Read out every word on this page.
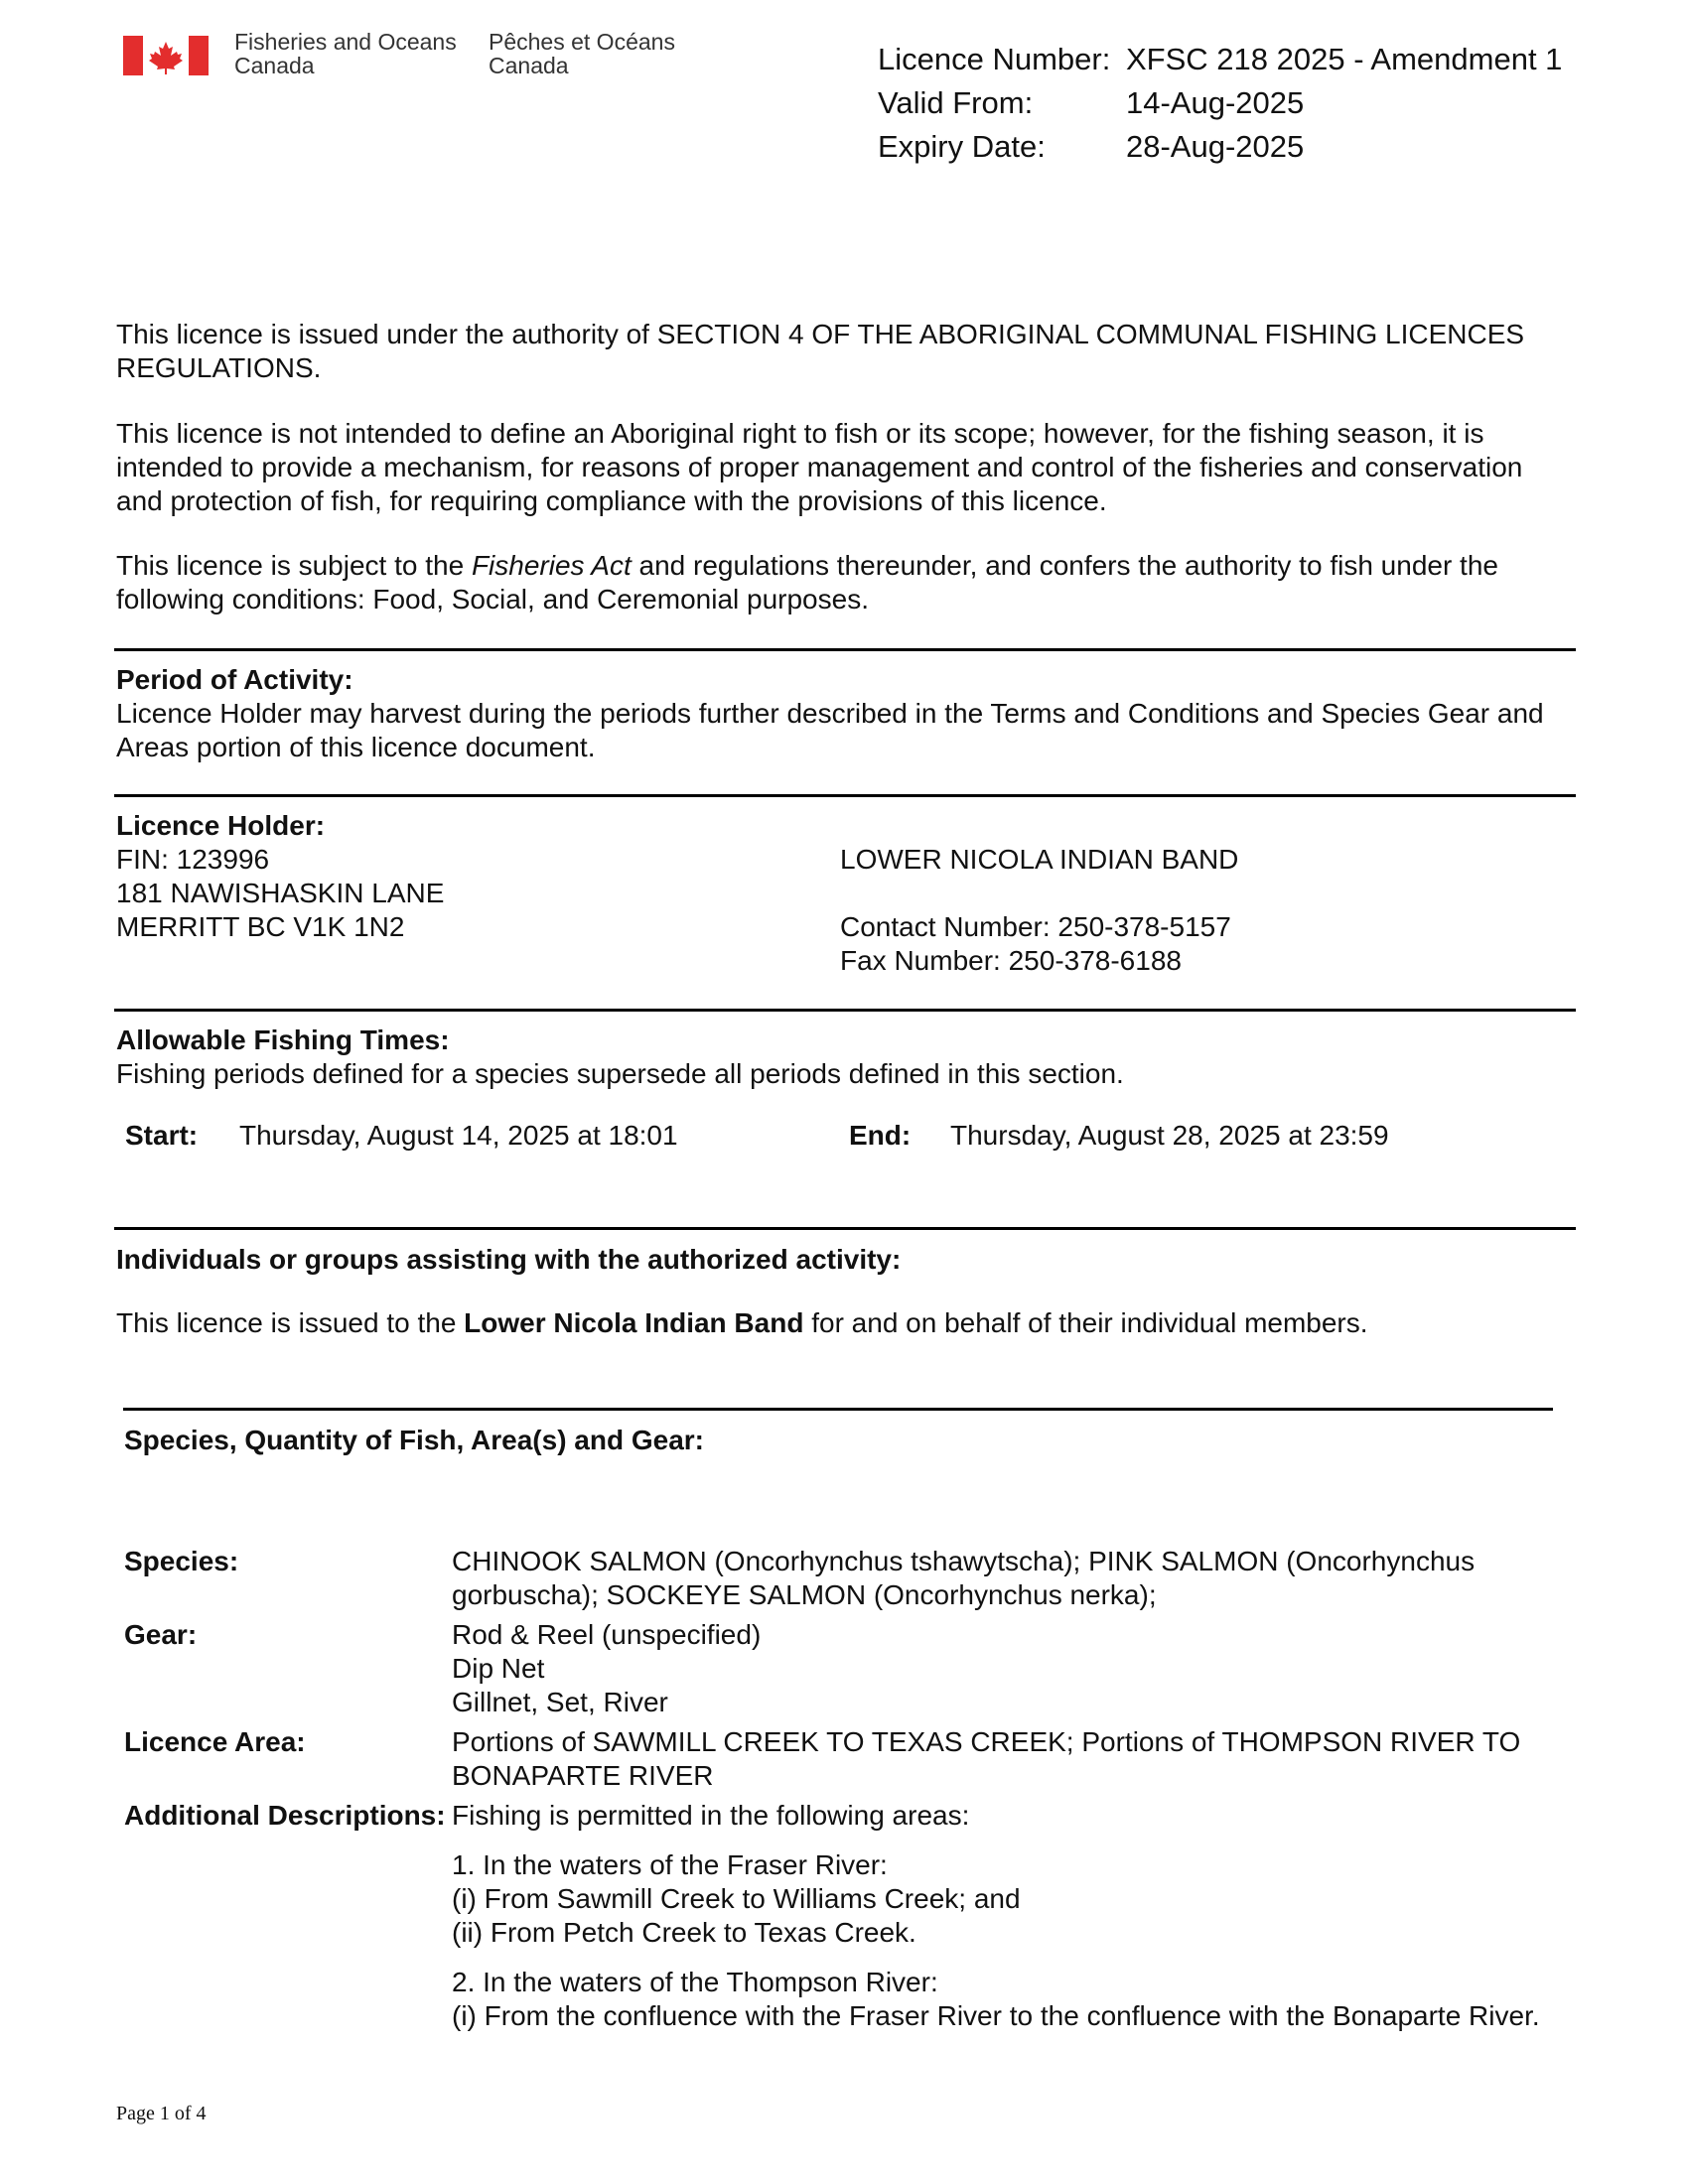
Fisheries and Oceans
Canada
Pêches et Océans
Canada	Licence Number: XFSC 218 2025 - Amendment 1
Valid From:	14-Aug-2025
Expiry Date:	28-Aug-2025

This licence is issued under the authority of SECTION 4 OF THE ABORIGINAL COMMUNAL FISHING LICENCES REGULATIONS.

This licence is not intended to define an Aboriginal right to fish or its scope; however, for the fishing season, it is intended to provide a mechanism, for reasons of proper management and control of the fisheries and conservation and protection of fish, for requiring compliance with the provisions of this licence.

This licence is subject to the Fisheries Act and regulations thereunder, and confers the authority to fish under the following conditions: Food, Social, and Ceremonial purposes.

Period of Activity:
Licence Holder may harvest during the periods further described in the Terms and Conditions and Species Gear and Areas portion of this licence document.
Licence Holder:
FIN: 123996
181 NAWISHASKIN LANE
MERRITT BC V1K 1N2
LOWER NICOLA INDIAN BAND
Contact Number: 250-378-5157
Fax Number: 250-378-6188
Allowable Fishing Times:
Fishing periods defined for a species supersede all periods defined in this section.
Start: Thursday, August 14, 2025 at 18:01	End: Thursday, August 28, 2025 at 23:59
Individuals or groups assisting with the authorized activity:

This licence is issued to the Lower Nicola Indian Band for and on behalf of their individual members.

Species, Quantity of Fish, Area(s) and Gear:
Species:	CHINOOK SALMON (Oncorhynchus tshawytscha); PINK SALMON (Oncorhynchus gorbuscha); SOCKEYE SALMON (Oncorhynchus nerka);
Gear:	Rod & Reel (unspecified)
Dip Net
Gillnet, Set, River
Licence Area:	Portions of SAWMILL CREEK TO TEXAS CREEK; Portions of THOMPSON RIVER TO BONAPARTE RIVER
Additional Descriptions: Fishing is permitted in the following areas:
1. In the waters of the Fraser River:
(i) From Sawmill Creek to Williams Creek; and
(ii) From Petch Creek to Texas Creek.
2. In the waters of the Thompson River:
(i) From the confluence with the Fraser River to the confluence with the Bonaparte River.
Page 1 of 4
